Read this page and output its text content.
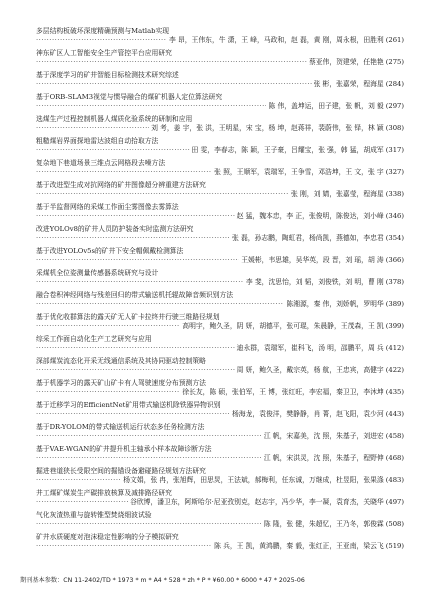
多层结构板破坏深度精确预测与Matlab实现
·····
李 昂，王伟东，牛 潇，王 峰，马政和，赵 磊，黄 刚，周永根，田胜利 (261)
神东矿区人工智能安全生产管控平台应用研究
·····
蔡亚伟，贺建荣，任艳艳 (275)
基于深度学习的矿井智能目标检测技术研究综述
·····
张 彬，张嘉荣，程海星 (284)
基于ORB-SLAM3视觉与惯导融合的煤矿机器人定位算法研究
·····
陈 伟，盖坤运，田子建，张 帆，刘 毅 (297)
选煤生产过程控制机器人煤质化验系统的研制和应用
·····
刘 考，姜 宇，张 洪，王明星，宋 宝，杨 坤，赵蒋祥，裴蔚伟，张 铎，林 颖 (308)
粗糙煤岩界面探地雷达波组自动拾取方法
·····
田 雯，李春志，陈 颖，王子豪，吕耀宝，张 强，韩 猛，胡成军 (317)
复杂地下巷道场景三维点云网格段去噪方法
·····
张 照，王顺军，袁瑞军，王争雪，邓浩坤，王 文，张 宇 (327)
基于改进型生成对抗网络的矿井图像超分辨重建方法研究
·····
张 刚，刘 婧，张嘉莹，程海星 (338)
基于半监督网络的采煤工作面尘雾图像去雾算法
·····
赵 猛，魏本忠，李 正，张俊明，陈俊达，刘小峰 (346)
改进YOLOv8的矿井人员防护装备实时监测方法研究
·····
张 磊，孙志鹏，陶虹君，杨尚凯，燕德如，李忠君 (354)
基于改进YOLOv5s的矿井下安全帽佩戴检测算法
·····
王媛彬，韦思雄，吴华英，段 晋，刘 瑶，胡 涛 (366)
采煤机全位姿测量传感器系统研究与设计
·····
李 斐，沈思怡，刘 韬，刘俊铁，刘 明，曹 刚 (378)
融合卷积神经网络与残差回归的带式输送机托辊故障音频识别方法
·····
陈湘源，秦 伟，刘娇帆，罗明华 (389)
基于优化收群算法的露天矿无人矿卡拉终井行驶三维路径规划
·····
高明宇，鲍久圣，阴 妍，胡德平，张可琨，朱晨静，王茂森，王 凯 (399)
综采工作面自动化生产工艺研究与应用
·····
迪永群，袁瑞军，崔科飞，汤 明，邵鹏平，周 兵 (412)
深部煤炭流态化开采无线通信系统及其协同驱动控制策略
·····
周 妍，鲍久圣，戴宗英，杨 航，王忠宾，高健宇 (422)
基于机器学习的露天矿山矿卡有人驾驶速度分布预测方法
·····
徐长友，陈 硕，张伯军，王 博，张红旺，李宏福，秦卫卫，李沐坤 (435)
基于迁移学习的EfficientNet矿用带式输送机除铁器异物识别
·····
杨海龙，袁俊洋，樊静静，肖 菁，赵飞阳，袁少河 (443)
基于DR-YOLOM的带式输送机运行状态多任务检测方法
·····
江 帆，宋嘉美，沈 照，朱基子，刘进宏 (458)
基于VAE-WGAN的矿井提升机主轴承小样本故障诊断方法
·····
江 帆，宋洪灵，沈 照，朱基子，程野伸 (468)
掘进巷道狭长受限空间的掘锚设备避碰路径规划方法研究
·····
杨文娟，张 冉，张旭辉，田思炅，王法斌，郝梅利，任东诚，万继成，杜昱阳，张果涤 (483)
井工煤矿煤炭生产碳排放核算及减排路径研究
·····
谷欣博，潘卫东，阿斯哈尔·尼亚孜别克，赵志宇，冯少华，李一凝，袁育杰，关晓华 (497)
气化灰渣热重与旋转锥型焚烧细波试验
·····
陈 隆，张 健，朱超忆，王乃冬，郭俊霖 (508)
矿井水质硬度对泡沫稳定性影响的分子模拟研究
·····
陈 兵，王 凯，黄鸿鹏，秦 毅，张红正，王亚南，梁云飞 (519)
期刊基本参数：CN 11-2402/TD * 1973 * m * A4 * 528 * zh * P * ¥60.00 * 6000 * 47 * 2025-06
